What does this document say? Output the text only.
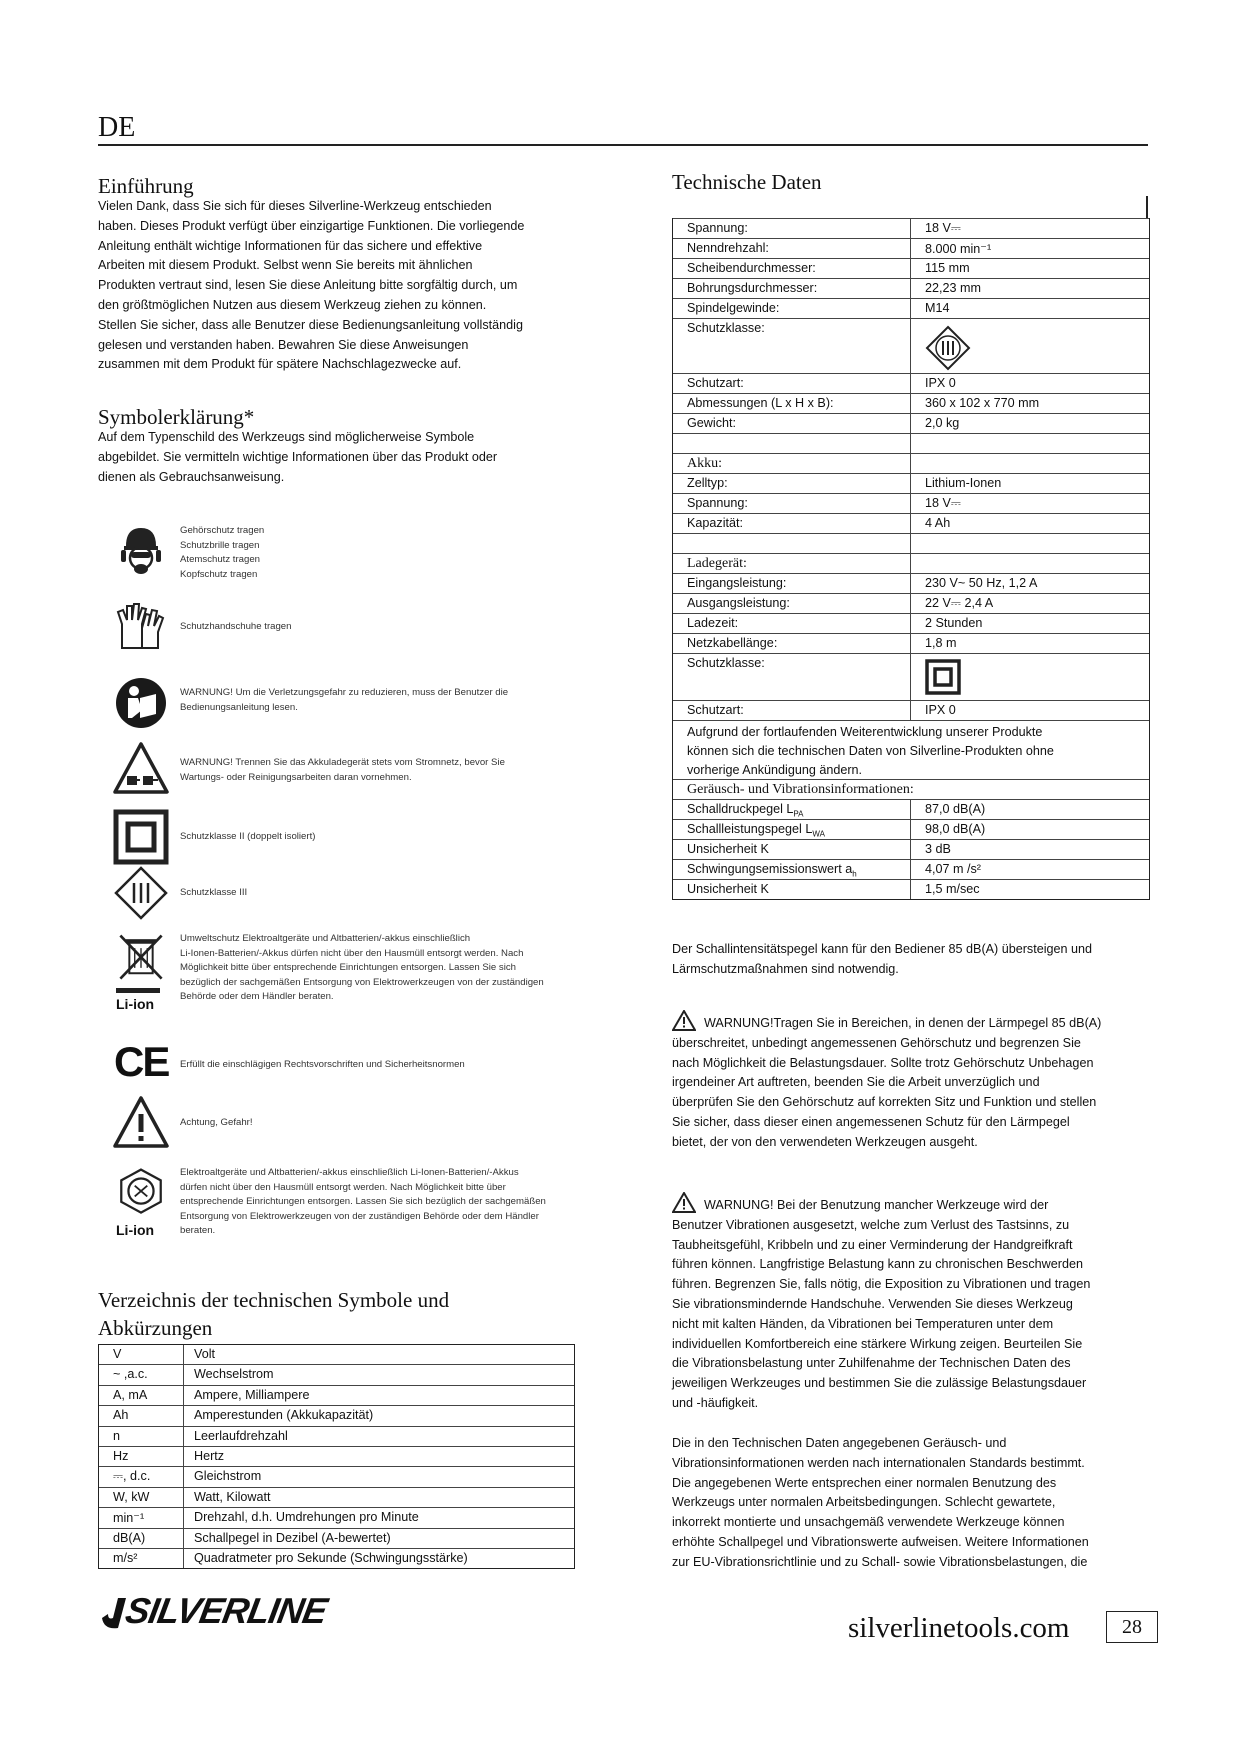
DE
Einführung
Vielen Dank, dass Sie sich für dieses Silverline-Werkzeug entschieden
haben. Dieses Produkt verfügt über einzigartige Funktionen. Die vorliegende
Anleitung enthält wichtige Informationen für das sichere und effektive
Arbeiten mit diesem Produkt. Selbst wenn Sie bereits mit ähnlichen
Produkten vertraut sind, lesen Sie diese Anleitung bitte sorgfältig durch, um
den größtmöglichen Nutzen aus diesem Werkzeug ziehen zu können.
Stellen Sie sicher, dass alle Benutzer diese Bedienungsanleitung vollständig
gelesen und verstanden haben. Bewahren Sie diese Anweisungen
zusammen mit dem Produkt für spätere Nachschlagezwecke auf.
Symbolerklärung*
Auf dem Typenschild des Werkzeugs sind möglicherweise Symbole
abgebildet. Sie vermitteln wichtige Informationen über das Produkt oder
dienen als Gebrauchsanweisung.
Gehörschutz tragen
Schutzbrille tragen
Atemschutz tragen
Kopfschutz tragen
Schutzhandschuhe tragen
WARNUNG! Um die Verletzungsgefahr zu reduzieren, muss der Benutzer die
Bedienungsanleitung lesen.
WARNUNG! Trennen Sie das Akkuladegerät stets vom Stromnetz, bevor Sie
Wartungs- oder Reinigungsarbeiten daran vornehmen.
Schutzklasse II (doppelt isoliert)
Schutzklasse III
Li-ion
Umweltschutz Elektroaltgeräte und Altbatterien/-akkus einschließlich
Li-Ionen-Batterien/-Akkus dürfen nicht über den Hausmüll entsorgt werden. Nach
Möglichkeit bitte über entsprechende Einrichtungen entsorgen. Lassen Sie sich
bezüglich der sachgemäßen Entsorgung von Elektrowerkzeugen von der zuständigen
Behörde oder dem Händler beraten.
CE Erfüllt die einschlägigen Rechtsvorschriften und Sicherheitsnormen
Achtung, Gefahr!
Li-ion
Elektroaltgeräte und Altbatterien/-akkus einschließlich Li-Ionen-Batterien/-Akkus
dürfen nicht über den Hausmüll entsorgt werden. Nach Möglichkeit bitte über
entsprechende Einrichtungen entsorgen. Lassen Sie sich bezüglich der sachgemäßen
Entsorgung von Elektrowerkzeugen von der zuständigen Behörde oder dem Händler
beraten.
Verzeichnis der technischen Symbole und
Abkürzungen
V	Volt
~ ,a.c.	Wechselstrom
A, mA	Ampere, Milliampere
Ah	Amperestunden (Akkukapazität)
n	Leerlaufdrehzahl
Hz	Hertz
⎓, d.c.	Gleichstrom
W, kW	Watt, Kilowatt
min⁻¹	Drehzahl, d.h. Umdrehungen pro Minute
dB(A)	Schallpegel in Dezibel (A-bewertet)
m/s²	Quadratmeter pro Sekunde (Schwingungsstärke)
Technische Daten
Spannung:	18 V⎓
Nenndrehzahl:	8.000 min⁻¹
Scheibendurchmesser:	115 mm
Bohrungsdurchmesser:	22,23 mm
Spindelgewinde:	M14
Schutzklasse:
Schutzart:	IPX 0
Abmessungen (L x H x B):	360 x 102 x 770 mm
Gewicht:	2,0 kg
Akku:
Zelltyp:	Lithium-Ionen
Spannung:	18 V⎓
Kapazität:	4 Ah
Ladegerät:
Eingangsleistung:	230 V~ 50 Hz, 1,2 A
Ausgangsleistung:	22 V⎓ 2,4 A
Ladezeit:	2 Stunden
Netzkabellänge:	1,8 m
Schutzklasse:
Schutzart:	IPX 0
Aufgrund der fortlaufenden Weiterentwicklung unserer Produkte
können sich die technischen Daten von Silverline-Produkten ohne
vorherige Ankündigung ändern.
Geräusch- und Vibrationsinformationen:
Schalldruckpegel $L_{PA}$	87,0 dB(A)
Schallleistungspegel $L_{WA}$	98,0 dB(A)
Unsicherheit K	3 dB
Schwingungsemissionswert $a_h$	4,07 m /s²
Unsicherheit K	1,5 m/sec
Der Schallintensitätspegel kann für den Bediener 85 dB(A) übersteigen und
Lärmschutzmaßnahmen sind notwendig.
WARNUNG!Tragen Sie in Bereichen, in denen der Lärmpegel 85 dB(A)
überschreitet, unbedingt angemessenen Gehörschutz und begrenzen Sie
nach Möglichkeit die Belastungsdauer. Sollte trotz Gehörschutz Unbehagen
irgendeiner Art auftreten, beenden Sie die Arbeit unverzüglich und
überprüfen Sie den Gehörschutz auf korrekten Sitz und Funktion und stellen
Sie sicher, dass dieser einen angemessenen Schutz für den Lärmpegel
bietet, der von den verwendeten Werkzeugen ausgeht.
WARNUNG! Bei der Benutzung mancher Werkzeuge wird der
Benutzer Vibrationen ausgesetzt, welche zum Verlust des Tastsinns, zu
Taubheitsgefühl, Kribbeln und zu einer Verminderung der Handgreifkraft
führen können. Langfristige Belastung kann zu chronischen Beschwerden
führen. Begrenzen Sie, falls nötig, die Exposition zu Vibrationen und tragen
Sie vibrationsmindernde Handschuhe. Verwenden Sie dieses Werkzeug
nicht mit kalten Händen, da Vibrationen bei Temperaturen unter dem
individuellen Komfortbereich eine stärkere Wirkung zeigen. Beurteilen Sie
die Vibrationsbelastung unter Zuhilfenahme der Technischen Daten des
jeweiligen Werkzeuges und bestimmen Sie die zulässige Belastungsdauer
und -häufigkeit.
Die in den Technischen Daten angegebenen Geräusch- und
Vibrationsinformationen werden nach internationalen Standards bestimmt.
Die angegebenen Werte entsprechen einer normalen Benutzung des
Werkzeugs unter normalen Arbeitsbedingungen. Schlecht gewartete,
inkorrekt montierte und unsachgemäß verwendete Werkzeuge können
erhöhte Schallpegel und Vibrationswerte aufweisen. Weitere Informationen
zur EU-Vibrationsrichtlinie und zu Schall- sowie Vibrationsbelastungen, die
SILVERLINE	silverlinetools.com	28
